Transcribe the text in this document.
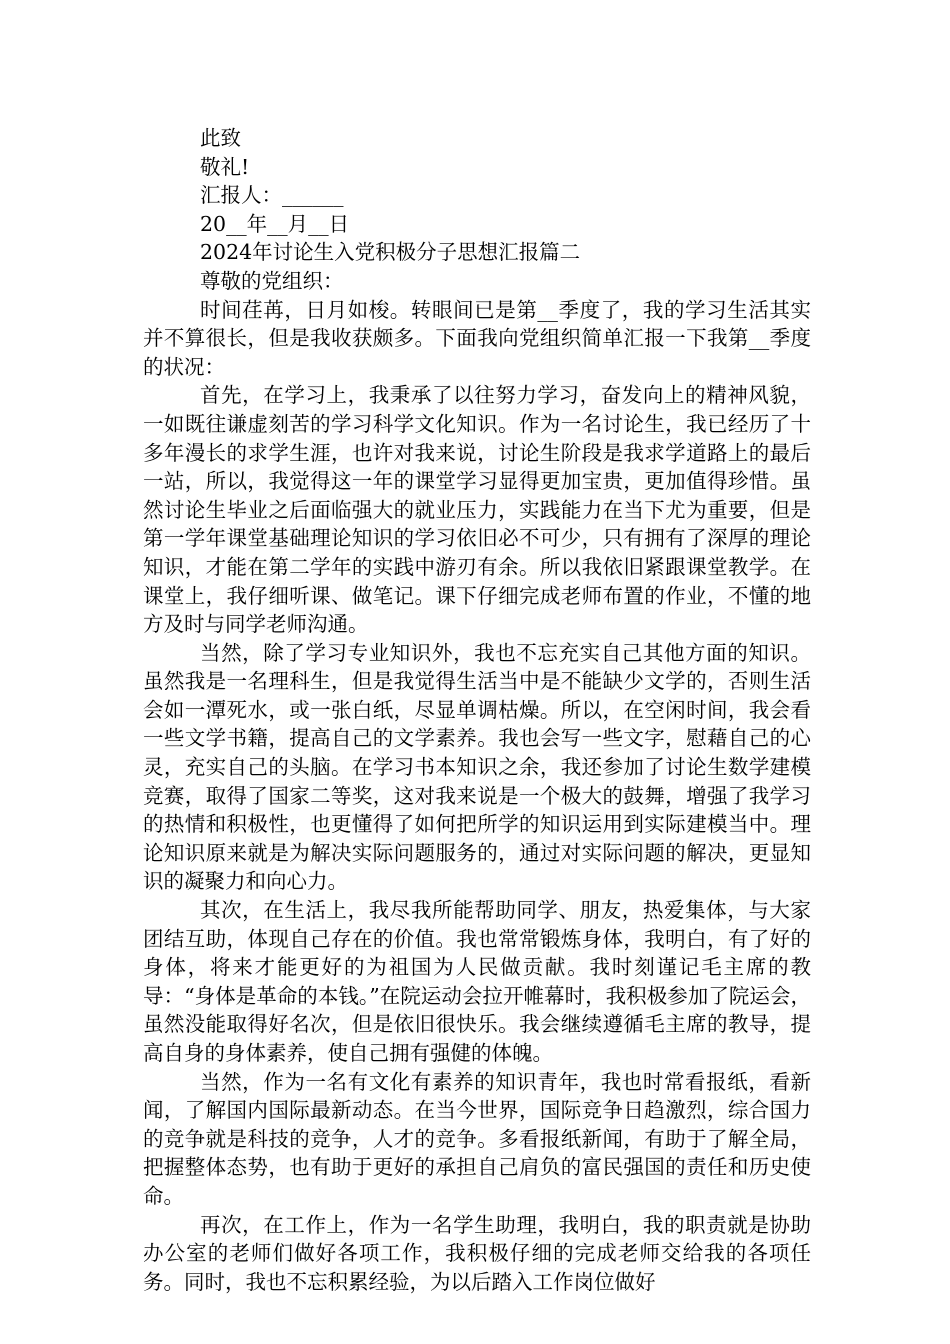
此致

敬礼!

汇报人：______

20__年__月__日

2024年讨论生入党积极分子思想汇报篇二

尊敬的党组织：

时间荏苒，日月如梭。转眼间已是第__季度了，我的学习生活其实并不算很长，但是我收获颇多。下面我向党组织简单汇报一下我第__季度的状况：

首先，在学习上，我秉承了以往努力学习，奋发向上的精神风貌，一如既往谦虚刻苦的学习科学文化知识。作为一名讨论生，我已经历了十多年漫长的求学生涯，也许对我来说，讨论生阶段是我求学道路上的最后一站，所以，我觉得这一年的课堂学习显得更加宝贵，更加值得珍惜。虽然讨论生毕业之后面临强大的就业压力，实践能力在当下尤为重要，但是第一学年课堂基础理论知识的学习依旧必不可少，只有拥有了深厚的理论知识，才能在第二学年的实践中游刃有余。所以我依旧紧跟课堂教学。在课堂上，我仔细听课、做笔记。课下仔细完成老师布置的作业，不懂的地方及时与同学老师沟通。

当然，除了学习专业知识外，我也不忘充实自己其他方面的知识。虽然我是一名理科生，但是我觉得生活当中是不能缺少文学的，否则生活会如一潭死水，或一张白纸，尽显单调枯燥。所以，在空闲时间，我会看一些文学书籍，提高自己的文学素养。我也会写一些文字，慰藉自己的心灵，充实自己的头脑。在学习书本知识之余，我还参加了讨论生数学建模竞赛，取得了国家二等奖，这对我来说是一个极大的鼓舞，增强了我学习的热情和积极性，也更懂得了如何把所学的知识运用到实际建模当中。理论知识原来就是为解决实际问题服务的，通过对实际问题的解决，更显知识的凝聚力和向心力。

其次，在生活上，我尽我所能帮助同学、朋友，热爱集体，与大家团结互助，体现自己存在的价值。我也常常锻炼身体，我明白，有了好的身体，将来才能更好的为祖国为人民做贡献。我时刻谨记毛主席的教导：“身体是革命的本钱。”在院运动会拉开帷幕时，我积极参加了院运会，虽然没能取得好名次，但是依旧很快乐。我会继续遵循毛主席的教导，提高自身的身体素养，使自己拥有强健的体魄。

当然，作为一名有文化有素养的知识青年，我也时常看报纸，看新闻，了解国内国际最新动态。在当今世界，国际竞争日趋激烈，综合国力的竞争就是科技的竞争，人才的竞争。多看报纸新闻，有助于了解全局，把握整体态势，也有助于更好的承担自己肩负的富民强国的责任和历史使命。

再次，在工作上，作为一名学生助理，我明白，我的职责就是协助办公室的老师们做好各项工作，我积极仔细的完成老师交给我的各项任务。同时，我也不忘积累经验，为以后踏入工作岗位做好
